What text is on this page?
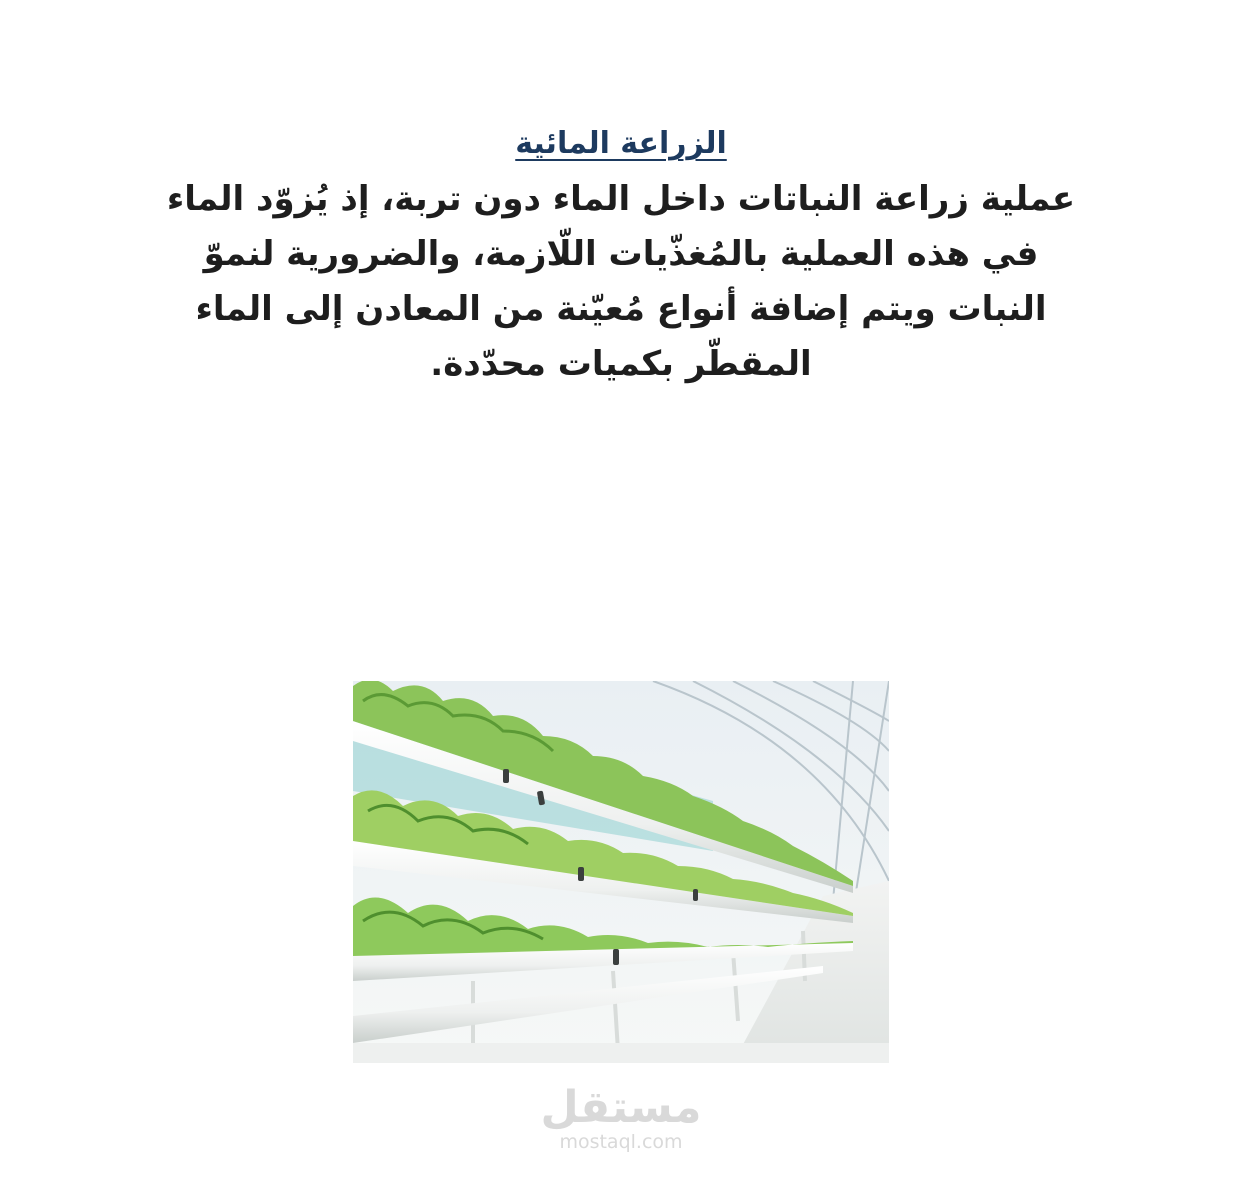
الزراعة المائية
عملية زراعة النباتات داخل الماء دون تربة، إذ يُزوّد الماء في هذه العملية بالمُغذّيات اللّازمة، والضرورية لنموّ النبات ويتم إضافة أنواع مُعيّنة من المعادن إلى الماء المقطّر بكميات محدّدة.
مستقل
mostaql.com
